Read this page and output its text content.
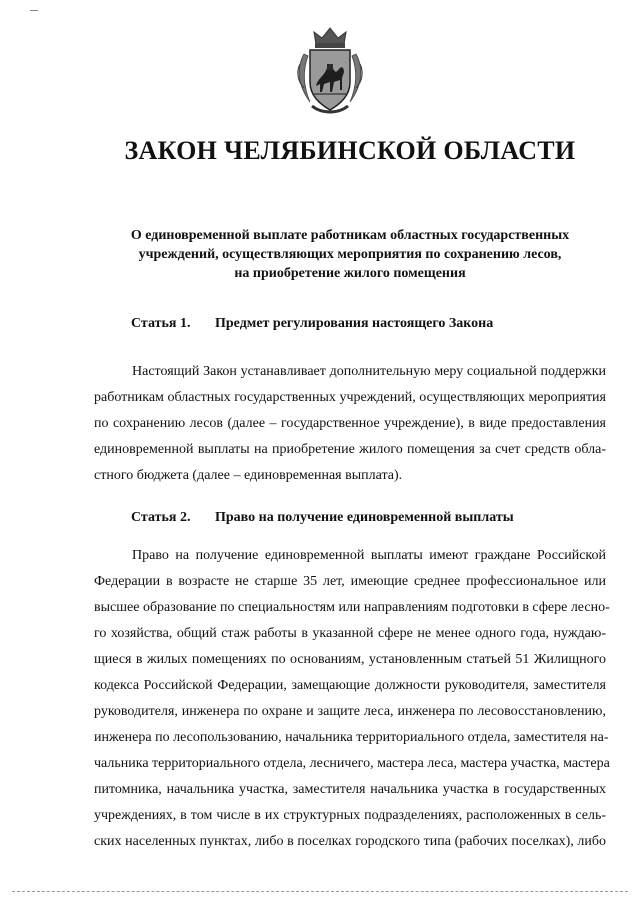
ЗАКОН ЧЕЛЯБИНСКОЙ ОБЛАСТИ
О единовременной выплате работникам областных государственных
учреждений, осуществляющих мероприятия по сохранению лесов,
на приобретение жилого помещения
Статья 1. Предмет регулирования настоящего Закона
Настоящий Закон устанавливает дополнительную меру социальной поддержки
работникам областных государственных учреждений, осуществляющих мероприятия
по сохранению лесов (далее – государственное учреждение), в виде предоставления
единовременной выплаты на приобретение жилого помещения за счет средств обла-
стного бюджета (далее – единовременная выплата).
Статья 2. Право на получение единовременной выплаты
Право на получение единовременной выплаты имеют граждане Российской
Федерации в возрасте не старше 35 лет, имеющие среднее профессиональное или
высшее образование по специальностям или направлениям подготовки в сфере лесно-
го хозяйства, общий стаж работы в указанной сфере не менее одного года, нуждаю-
щиеся в жилых помещениях по основаниям, установленным статьей 51 Жилищного
кодекса Российской Федерации, замещающие должности руководителя, заместителя
руководителя, инженера по охране и защите леса, инженера по лесовосстановлению,
инженера по лесопользованию, начальника территориального отдела, заместителя на-
чальника территориального отдела, лесничего, мастера леса, мастера участка, мастера
питомника, начальника участка, заместителя начальника участка в государственных
учреждениях, в том числе в их структурных подразделениях, расположенных в сель-
ских населенных пунктах, либо в поселках городского типа (рабочих поселках), либо
